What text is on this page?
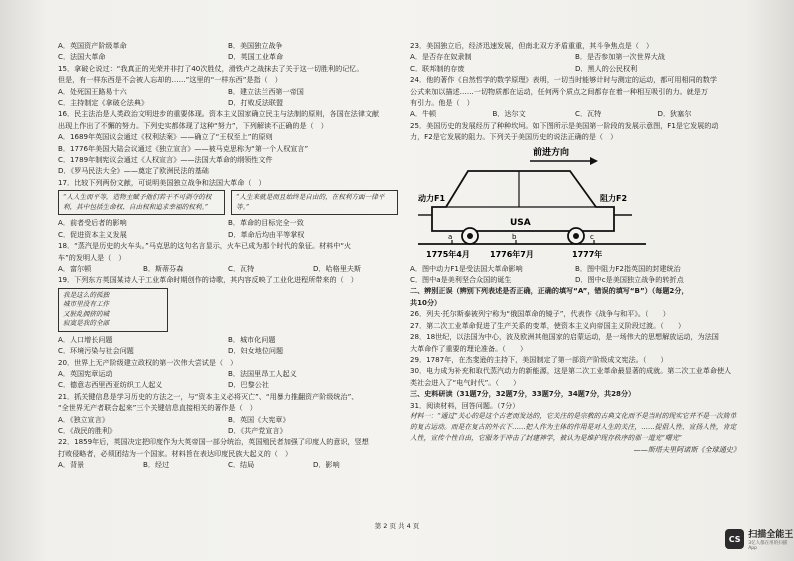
A．英国资产阶级革命	B．美国独立战争
C．法国大革命	D．英国工业革命
15．拿破仑说过：“我真正的光荣并非打了40次胜仗，滑铁卢之战抹去了关于这一切胜利的记忆。
但是，有一样东西是不会被人忘却的……”这里的“一样东西”是指（　）
A．处死国王路易十六	B．建立法兰西第一帝国
C．主持制定《拿破仑法典》	D．打败反法联盟
16．民主法治是人类政治文明进步的重要体现。资本主义国家确立民主与法制的原则，各国在法律文献
出现上作出了不懈的努力。下列史实都体现了这种“努力”，下列解读不正确的是（　）
A．1689年英国议会通过《权利法案》——确立了“王权至上”的原则
B．1776年美国大陆会议通过《独立宣言》——被马克思称为“第一个人权宣言”
C．1789年制宪议会通过《人权宣言》——法国大革命的纲领性文件
D．《罗马民法大全》——奠定了欧洲民法的基础
17．比较下列两份文献，可说明美国独立战争和法国大革命（　）
“人人生而平等，造物主赋予他们若干不可剥夺的权利，其中包括生命权、自由权和追求幸福的权利。”
“人生来就是而且始终是自由的，在权利方面一律平等。”
A．前者受后者的影响	B．革命的目标完全一致
C．促进资本主义发展	D．革命后均由平等掌权
18．“蒸汽是历史的火车头。”马克思的这句名言显示，火车已成为那个时代的象征。材料中“火
车”的发明人是（　）
A．富尔顿	B．斯蒂芬森	C．瓦特	D．哈格里夫斯
19．下列东方英国某诗人于工业革命时期创作的诗歌，其内容反映了工业化进程所带来的（　）
我是这么的孤独
城市里没有工作
又脏乱拥挤的城
寂寞是我的全部
A．人口增长问题	B．城市化问题
C．环境污染与社会问题	D．妇女地位问题
20．世界上无产阶级建立政权的第一次伟大尝试是（　）
A．英国宪章运动	B．法国里昂工人起义
C．德意志西里西亚纺织工人起义	D．巴黎公社
21．抓关键信息是学习历史的方法之一，与“资本主义必将灭亡”、“用暴力推翻资产阶级统治”、
“全世界无产者联合起来”三个关键信息直接相关的著作是（　）
A．《独立宣言》	B．英国《大宪章》
C．《战民的胜利》	D．《共产党宣言》
22．1859年后，英国决定把印度作为大英帝国一部分统治，英国殖民者加强了印度人的意识，竖想
打败侵略者，必须团结为一个国家。材料旨在表达印度民族大起义的（　）
A．背景	B．经过	C．结局	D．影响
23．美国独立后，经济迅速发展，但南北双方矛盾重重，其斗争焦点是（　）
A．是否存在奴隶制	B．是否参加第一次世界大战
C．联邦制的存废	D．黑人的公民权利
24．他的著作《自然哲学的数学原理》表明，一切当时能够计时与测定的运动，都可用相同的数学
公式来加以描述……一切物质都在运动，任何两个质点之间都存在着一种相互吸引的力。就是万
有引力。他是（　）
A．牛顿	B．达尔文	C．瓦特	D．狄塞尔
25．美国历史的发展经历了种种坎坷。如下图所示是美国第一阶段的发展示意图，F1是它发展的动
力，F2是它发展的阻力。下列关于美国历史的说法正确的是（　）
前进方向
USA
动力F1	阻力F2
a	b	c
1775年4月	1776年7月	1777年
A．图中动力F1是受法国大革命影响	B．图中阻力F2指英国的封建统治
C．图中a是美利坚合众国的诞生	D．图中c是美国独立战争的转折点
二、辨别正误（辨别下列表述是否正确，正确的填写“A”，错误的填写“B”）（每题2分，
共10分）
26．列夫·托尔斯泰被列宁称为“俄国革命的镜子”，代表作《战争与和平》。（　　）
27．第二次工业革命促进了生产关系的变革，使资本主义向帝国主义阶段过渡。（　　）
28．18世纪，以法国为中心，波及欧洲其他国家的启蒙运动，是一场伟大的思想解放运动，为法国
大革命作了重要的理论准备。（　　）
29．1787年，在杰斐逊的主持下，美国制定了第一部资产阶级成文宪法。（　　）
30．电力成为补充和取代蒸汽动力的新能源，这是第二次工业革命最显著的成就。第二次工业革命使人
类社会进入了“电气时代”。（　　）
三、史料研读（31题7分，32题7分，33题7分，34题7分，共28分）
31．阅读材料，回答问题。（7分）
材料一：“通过”关心的是这个古老而发达的，它关注的是宗教的古典文化而不是当时的现实它并不是一次简单的复古运动。而是在复古的外衣下……把人作为主体的作用是对人生的关注，……提倡人性、宣扬人性，肯定人性，宣传个性自由，它服务于冲击了封建神学，被认为是维护现存秩序的那一道光“曙光”
——斯塔夫里阿诺斯《全球通史》
第 2 页 共 4 页
CS 扫描全能王
3亿人都在用的扫描App
